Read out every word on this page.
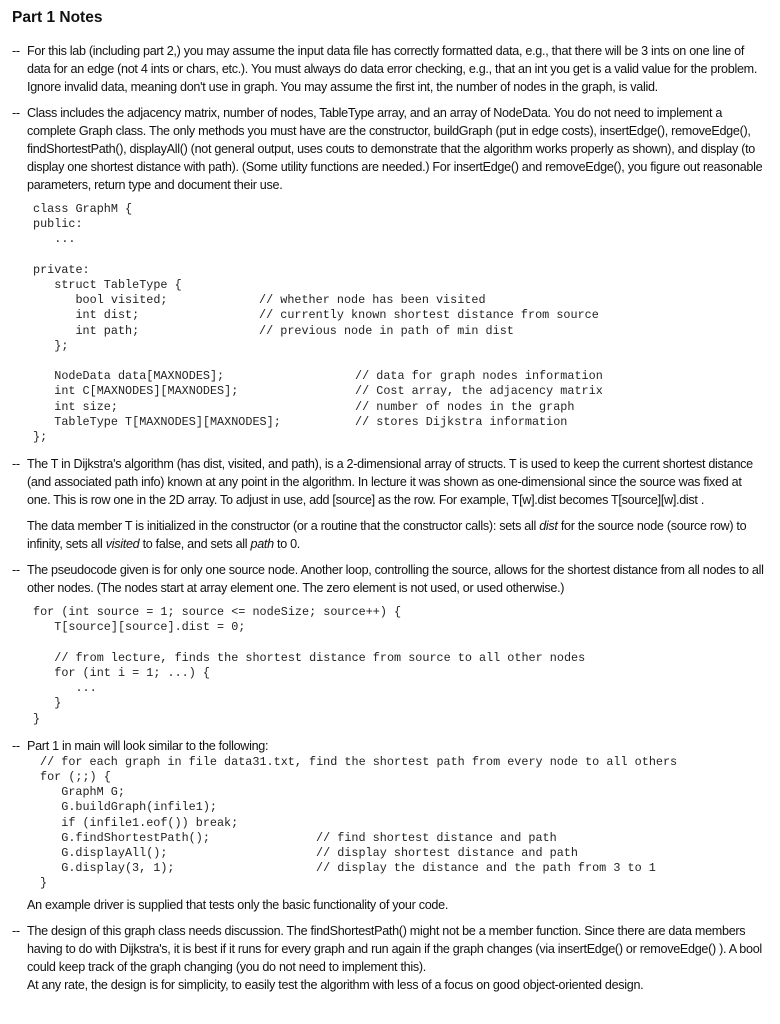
Part 1 Notes
-- For this lab (including part 2,) you may assume the input data file has correctly formatted data, e.g., that there will be 3 ints on one line of data for an edge (not 4 ints or chars, etc.). You must always do data error checking, e.g., that an int you get is a valid value for the problem. Ignore invalid data, meaning don't use in graph. You may assume the first int, the number of nodes in the graph, is valid.
-- Class includes the adjacency matrix, number of nodes, TableType array, and an array of NodeData. You do not need to implement a complete Graph class. The only methods you must have are the constructor, buildGraph (put in edge costs), insertEdge(), removeEdge(), findShortestPath(), displayAll() (not general output, uses couts to demonstrate that the algorithm works properly as shown), and display (to display one shortest distance with path). (Some utility functions are needed.) For insertEdge() and removeEdge(), you figure out reasonable parameters, return type and document their use.
class GraphM {
public:
...
private:
struct TableType {
bool visited;	// whether node has been visited
int dist;	// currently known shortest distance from source
int path;	// previous node in path of min dist
};
NodeData data[MAXNODES];	// data for graph nodes information
int C[MAXNODES][MAXNODES];	// Cost array, the adjacency matrix
int size;	// number of nodes in the graph
TableType T[MAXNODES][MAXNODES];	// stores Dijkstra information
};
-- The T in Dijkstra's algorithm (has dist, visited, and path), is a 2-dimensional array of structs. T is used to keep the current shortest distance (and associated path info) known at any point in the algorithm. In lecture it was shown as one-dimensional since the source was fixed at one. This is row one in the 2D array. To adjust in use, add [source] as the row. For example, T[w].dist becomes T[source][w].dist .
The data member T is initialized in the constructor (or a routine that the constructor calls): sets all dist for the source node (source row) to infinity, sets all visited to false, and sets all path to 0.
-- The pseudocode given is for only one source node. Another loop, controlling the source, allows for the shortest distance from all nodes to all other nodes. (The nodes start at array element one. The zero element is not used, or used otherwise.)
for (int source = 1; source <= nodeSize; source++) {
T[source][source].dist = 0;
// from lecture, finds the shortest distance from source to all other nodes
for (int i = 1; ...) {
...
}
}
-- Part 1 in main will look similar to the following:
// for each graph in file data31.txt, find the shortest path from every node to all others
for (;;) {
GraphM G;
G.buildGraph(infile1);
if (infile1.eof()) break;
G.findShortestPath();	// find shortest distance and path
G.displayAll();	// display shortest distance and path
G.display(3, 1);	// display the distance and the path from 3 to 1
}
An example driver is supplied that tests only the basic functionality of your code.
-- The design of this graph class needs discussion. The findShortestPath() might not be a member function. Since there are data members having to do with Dijkstra's, it is best if it runs for every graph and run again if the graph changes (via insertEdge() or removeEdge() ). A bool could keep track of the graph changing (you do not need to implement this).
At any rate, the design is for simplicity, to easily test the algorithm with less of a focus on good object-oriented design.
